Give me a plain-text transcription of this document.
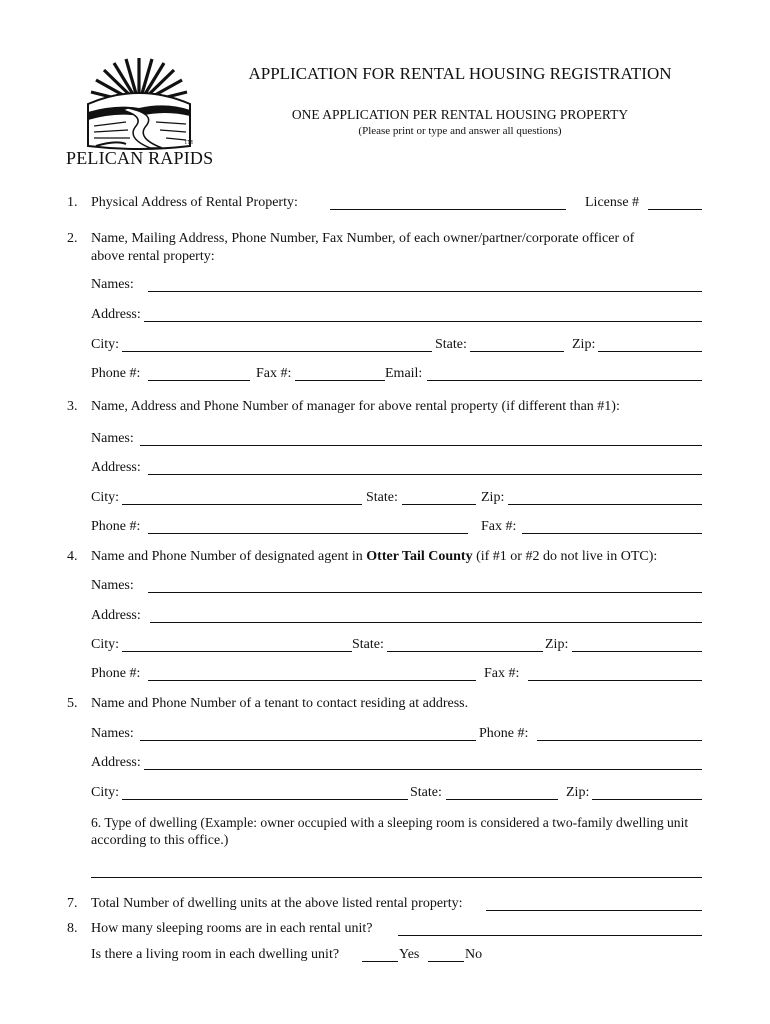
TM
PELICAN RAPIDS
APPLICATION FOR RENTAL HOUSING REGISTRATION
ONE APPLICATION PER RENTAL HOUSING PROPERTY
(Please print or type and answer all questions)
1. Physical Address of Rental Property:	License #
2. Name, Mailing Address, Phone Number, Fax Number, of each owner/partner/corporate officer of
above rental property:
Names:
Address:
City:	State:	Zip:
Phone #:	Fax #:	Email:
3. Name, Address and Phone Number of manager for above rental property (if different than #1):
Names:
Address:
City:	State:	Zip:
Phone #:	Fax #:
4. Name and Phone Number of designated agent in Otter Tail County (if #1 or #2 do not live in OTC):
Names:
Address:
City:	State:	Zip:
Phone #:	Fax #:
5. Name and Phone Number of a tenant to contact residing at address.
Names:	Phone #:
Address:
City:	State:	Zip:
6. Type of dwelling (Example: owner occupied with a sleeping room is considered a two-family dwelling unit
according to this office.)
7. Total Number of dwelling units at the above listed rental property:
8. How many sleeping rooms are in each rental unit?
Is there a living room in each dwelling unit?	Yes	No
